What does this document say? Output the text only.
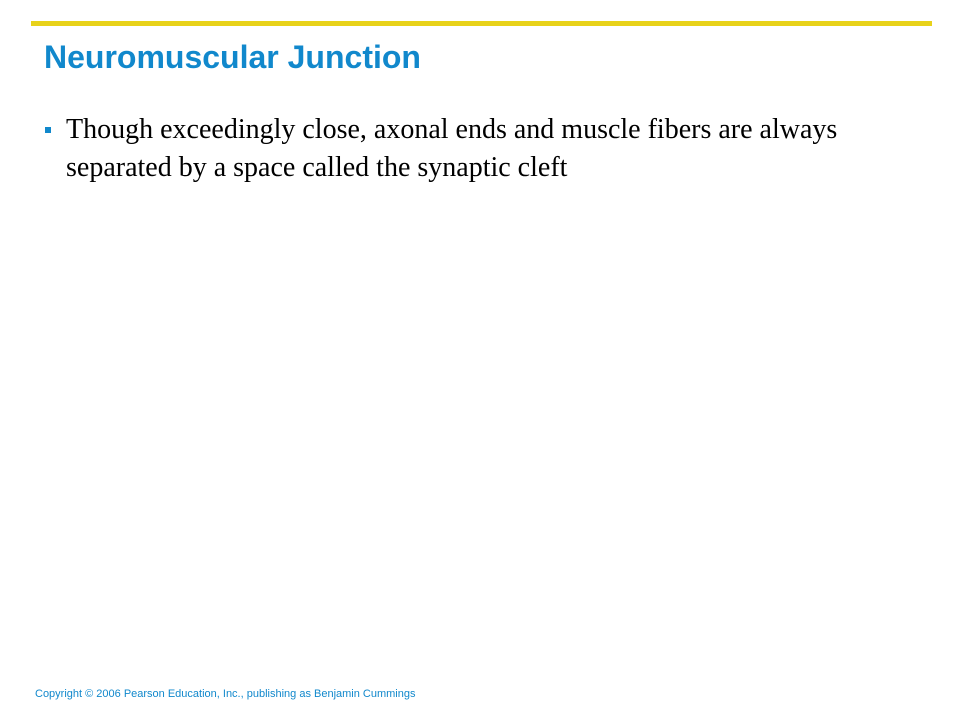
Neuromuscular Junction
Though exceedingly close, axonal ends and muscle fibers are always separated by a space called the synaptic cleft
Copyright © 2006 Pearson Education, Inc., publishing as Benjamin Cummings
